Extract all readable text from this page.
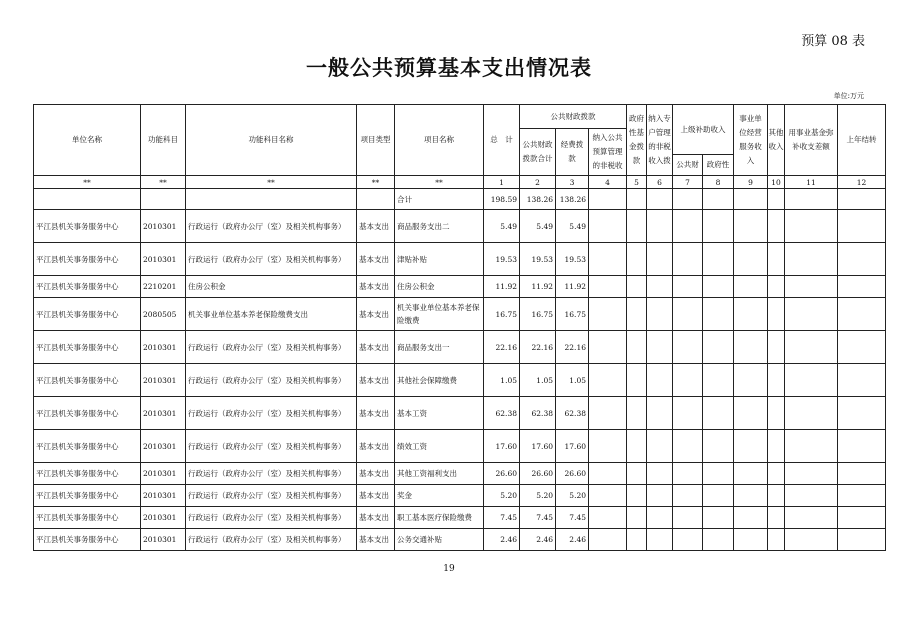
预算 08 表
一般公共预算基本支出情况表
单位:万元
单位名称	功能科目	功能科目名称	项目类型	项目名称	总　计	公共财政拨款			政府性基金拨款	纳入专户管理的非税收入拨	上级补助收入		事业单位经营服务收入	其他收入	用事业基金弥补收支差额	上年结转
						公共财政拨款合计	经费拨款	纳入公共预算管理的非税收								
											公共财	政府性				
**	**	**	**	**	1	2	3	4	5	6	7	8	9	10	11	12
				合计	198.59	138.26	138.26									
平江县机关事务服务中心	2010301	行政运行（政府办公厅（室）及相关机构事务）	基本支出	商品服务支出二	5.49	5.49	5.49									
平江县机关事务服务中心	2010301	行政运行（政府办公厅（室）及相关机构事务）	基本支出	津贴补贴	19.53	19.53	19.53									
平江县机关事务服务中心	2210201	住房公积金	基本支出	住房公积金	11.92	11.92	11.92									
平江县机关事务服务中心	2080505	机关事业单位基本养老保险缴费支出	基本支出	机关事业单位基本养老保险缴费	16.75	16.75	16.75									
平江县机关事务服务中心	2010301	行政运行（政府办公厅（室）及相关机构事务）	基本支出	商品服务支出一	22.16	22.16	22.16									
平江县机关事务服务中心	2010301	行政运行（政府办公厅（室）及相关机构事务）	基本支出	其他社会保障缴费	1.05	1.05	1.05									
平江县机关事务服务中心	2010301	行政运行（政府办公厅（室）及相关机构事务）	基本支出	基本工资	62.38	62.38	62.38									
平江县机关事务服务中心	2010301	行政运行（政府办公厅（室）及相关机构事务）	基本支出	绩效工资	17.60	17.60	17.60									
平江县机关事务服务中心	2010301	行政运行（政府办公厅（室）及相关机构事务）	基本支出	其他工资福利支出	26.60	26.60	26.60									
平江县机关事务服务中心	2010301	行政运行（政府办公厅（室）及相关机构事务）	基本支出	奖金	5.20	5.20	5.20									
平江县机关事务服务中心	2010301	行政运行（政府办公厅（室）及相关机构事务）	基本支出	职工基本医疗保险缴费	7.45	7.45	7.45									
平江县机关事务服务中心	2010301	行政运行（政府办公厅（室）及相关机构事务）	基本支出	公务交通补贴	2.46	2.46	2.46									
19
